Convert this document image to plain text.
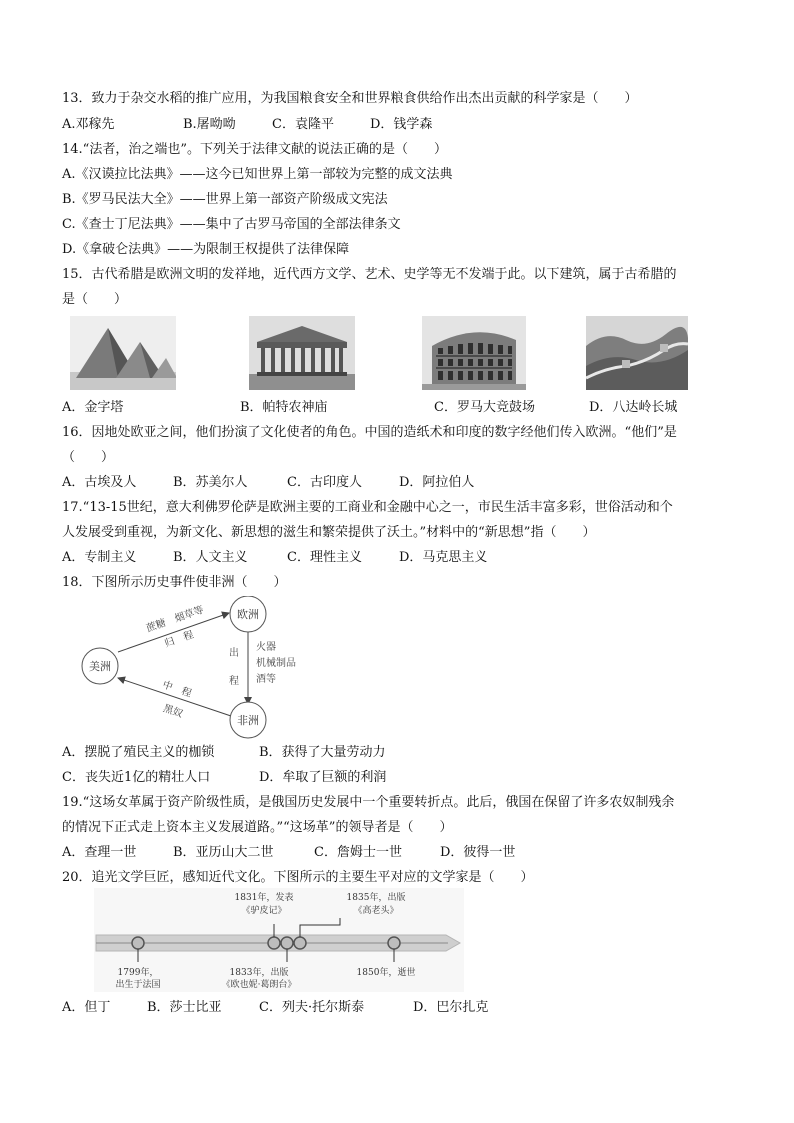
13．致力于杂交水稻的推广应用，为我国粮食安全和世界粮食供给作出杰出贡献的科学家是（　　）
A.邓稼先	B.屠呦呦	C．袁隆平	D．钱学森
14.“法者，治之端也”。下列关于法律文献的说法正确的是（　　）
A.《汉谟拉比法典》——这今已知世界上第一部较为完整的成文法典
B.《罗马民法大全》——世界上第一部资产阶级成文宪法
C.《查士丁尼法典》——集中了古罗马帝国的全部法律条文
D.《拿破仑法典》——为限制王权提供了法律保障
15．古代希腊是欧洲文明的发祥地，近代西方文学、艺术、史学等无不发端于此。以下建筑，属于古希腊的
是（　　）
A．金字塔	B．帕特农神庙	C．罗马大竞鼓场	D．八达岭长城
16．因地处欧亚之间，他们扮演了文化使者的角色。中国的造纸术和印度的数字经他们传入欧洲。“他们”是
（　　）
A．古埃及人	B．苏美尔人	C．古印度人	D．阿拉伯人
17.“13-15世纪，意大利佛罗伦萨是欧洲主要的工商业和金融中心之一，市民生活丰富多彩，世俗活动和个
人发展受到重视，为新文化、新思想的滋生和繁荣提供了沃土。”材料中的“新思想”指（　　）
A．专制主义	B．人文主义	C．理性主义	D．马克思主义
18．下图所示历史事件使非洲（　　）
欧洲
美洲
非洲
蔗糖　烟草等
归　程
出
程
火器
机械制品
酒等
中　程
黑奴
A．摆脱了殖民主义的枷锁	B．获得了大量劳动力
C．丧失近1亿的精壮人口	D．牟取了巨额的利润
19.“这场女革属于资产阶级性质，是俄国历史发展中一个重要转折点。此后，俄国在保留了许多农奴制残余
的情况下正式走上资本主义发展道路。”“这场革”的领导者是（　　）
A．查理一世	B．亚历山大二世	C．詹姆士一世	D．彼得一世
20．追光文学巨匠，感知近代文化。下图所示的主要生平对应的文学家是（　　）
1799年，
出生于法国
1831年，发表
《驴皮记》
1833年，出版
《欧也妮·葛朗台》
1835年，出版
《高老头》
1850年，逝世
A．但丁	B．莎士比亚	C．列夫·托尔斯泰	D．巴尔扎克
